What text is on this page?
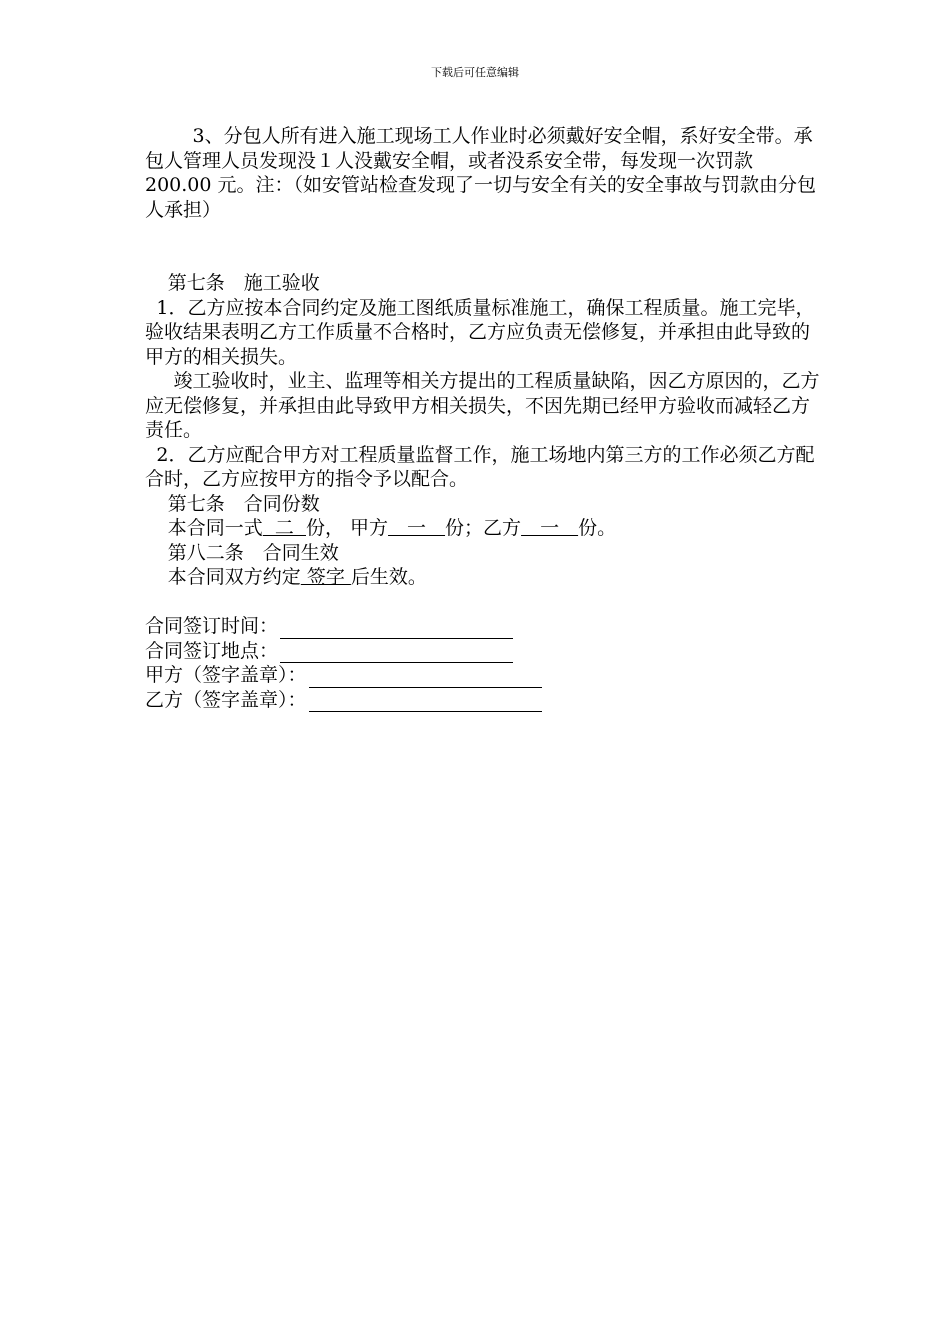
下载后可任意编辑

3、分包人所有进入施工现场工人作业时必须戴好安全帽，系好安全带。承包人管理人员发现没１人没戴安全帽，或者没系安全带，每发现一次罚款 200.00 元。注：（如安管站检查发现了一切与安全有关的安全事故与罚款由分包人承担）

第七条　施工验收

1．乙方应按本合同约定及施工图纸质量标准施工，确保工程质量。施工完毕，验收结果表明乙方工作质量不合格时，乙方应负责无偿修复，并承担由此导致的甲方的相关损失。

竣工验收时，业主、监理等相关方提出的工程质量缺陷，因乙方原因的，乙方应无偿修复，并承担由此导致甲方相关损失，不因先期已经甲方验收而减轻乙方责任。

2．乙方应配合甲方对工程质量监督工作，施工场地内第三方的工作必须乙方配合时，乙方应按甲方的指令予以配合。

第七条　合同份数

本合同一式  二  份， 甲方　一　份；乙方　一　份。

第八二条　合同生效

本合同双方约定 签字 后生效。

合同签订时间：
合同签订地点：
甲方（签字盖章）：
乙方（签字盖章）：
